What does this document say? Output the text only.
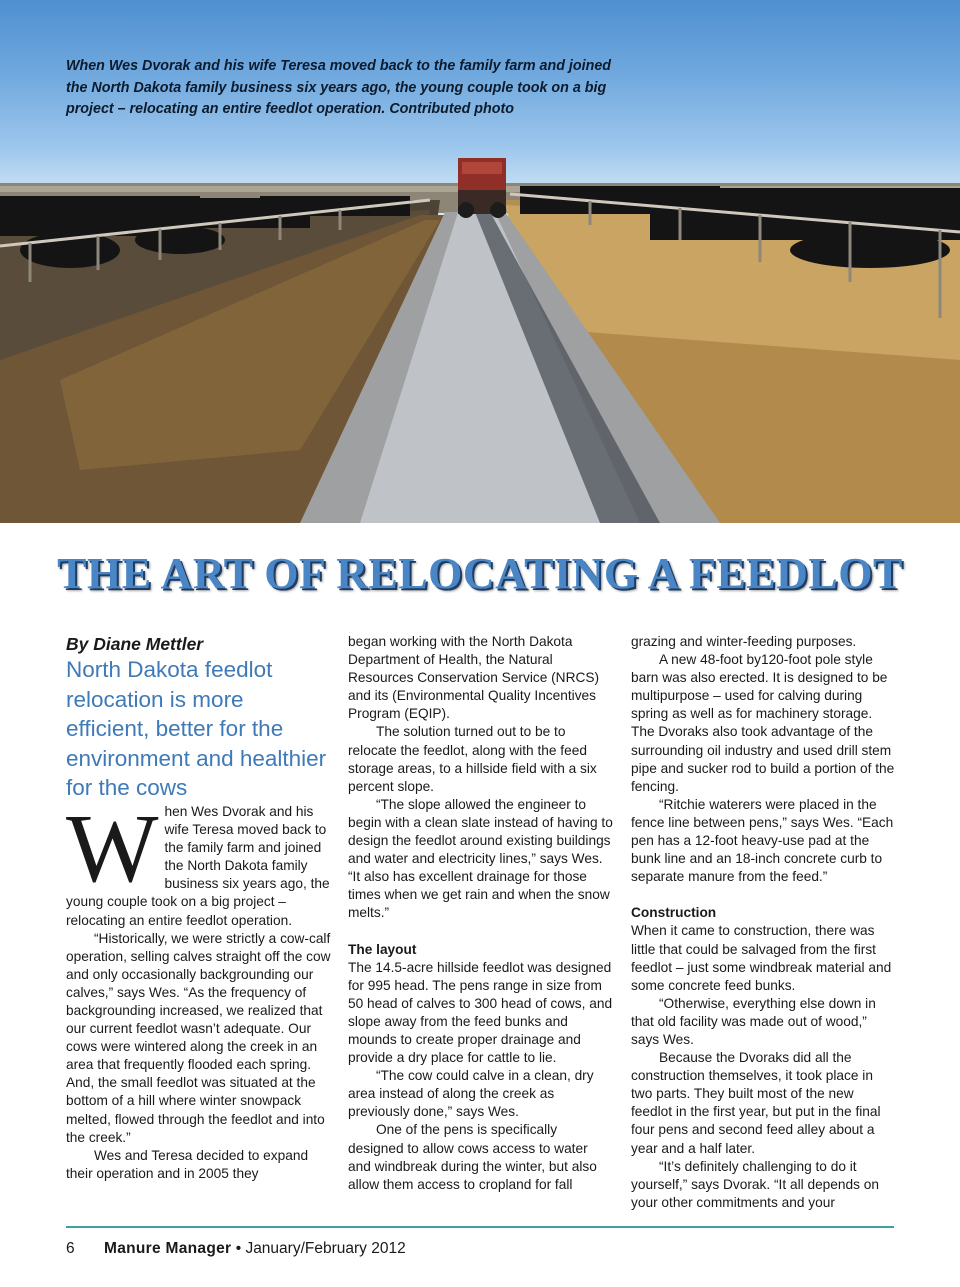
When Wes Dvorak and his wife Teresa moved back to the family farm and joined the North Dakota family business six years ago, the young couple took on a big project – relocating an entire feedlot operation. Contributed photo

THE ART OF RELOCATING A FEEDLOT

By Diane Mettler

North Dakota feedlot relocation is more efficient, better for the environment and healthier for the cows

W hen Wes Dvorak and his wife Teresa moved back to the family farm and joined the North Dakota family business six years ago, the young couple took on a big project – relocating an entire feedlot operation.

“Historically, we were strictly a cow-calf operation, selling calves straight off the cow and only occasionally backgrounding our calves,” says Wes. “As the frequency of backgrounding increased, we realized that our current feedlot wasn’t adequate. Our cows were wintered along the creek in an area that frequently flooded each spring. And, the small feedlot was situated at the bottom of a hill where winter snowpack melted, flowed through the feedlot and into the creek.”

Wes and Teresa decided to expand their operation and in 2005 they

began working with the North Dakota Department of Health, the Natural Resources Conservation Service (NRCS) and its (Environmental Quality Incentives Program (EQIP).

The solution turned out to be to relocate the feedlot, along with the feed storage areas, to a hillside field with a six percent slope.

“The slope allowed the engineer to begin with a clean slate instead of having to design the feedlot around existing buildings and water and electricity lines,” says Wes. “It also has excellent drainage for those times when we get rain and when the snow melts.”

The layout

The 14.5-acre hillside feedlot was designed for 995 head. The pens range in size from 50 head of calves to 300 head of cows, and slope away from the feed bunks and mounds to create proper drainage and provide a dry place for cattle to lie.

“The cow could calve in a clean, dry area instead of along the creek as previously done,” says Wes.

One of the pens is specifically designed to allow cows access to water and windbreak during the winter, but also allow them access to cropland for fall

grazing and winter-feeding purposes.

A new 48-foot by120-foot pole style barn was also erected. It is designed to be multipurpose – used for calving during spring as well as for machinery storage. The Dvoraks also took advantage of the surrounding oil industry and used drill stem pipe and sucker rod to build a portion of the fencing.

“Ritchie waterers were placed in the fence line between pens,” says Wes. “Each pen has a 12-foot heavy-use pad at the bunk line and an 18-inch concrete curb to separate manure from the feed.”

Construction

When it came to construction, there was little that could be salvaged from the first feedlot – just some windbreak material and some concrete feed bunks.

“Otherwise, everything else down in that old facility was made out of wood,” says Wes.

Because the Dvoraks did all the construction themselves, it took place in two parts. They built most of the new feedlot in the first year, but put in the final four pens and second feed alley about a year and a half later.

“It’s definitely challenging to do it yourself,” says Dvorak. “It all depends on your other commitments and your

6 Manure Manager • January/February 2012
